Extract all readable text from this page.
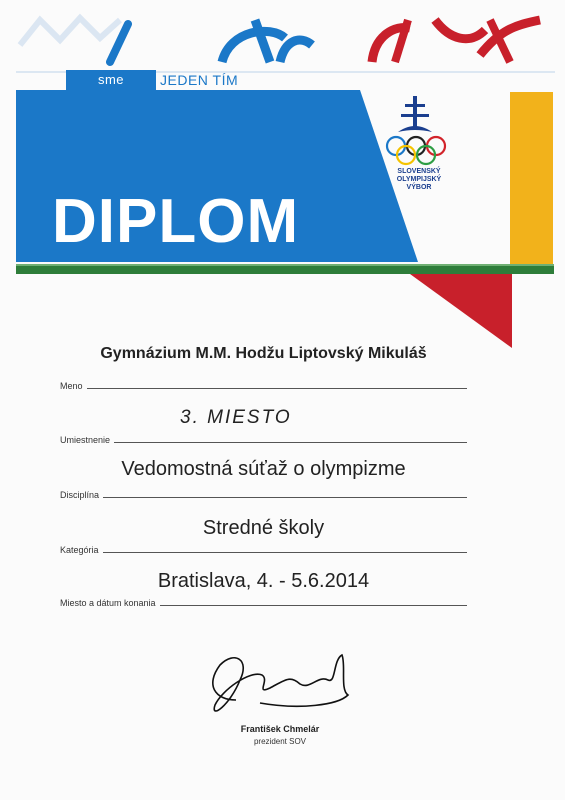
sme	JEDEN TÍM
DIPLOM
SLOVENSKÝ
OLYMPIJSKÝ
VÝBOR
Gymnázium M.M. Hodžu Liptovský Mikuláš
Meno
3. MIESTO
Umiestnenie
Vedomostná súťaž o olympizme
Disciplína
Stredné školy
Kategória
Bratislava, 4. - 5.6.2014
Miesto a dátum konania
František Chmelár
prezident SOV
